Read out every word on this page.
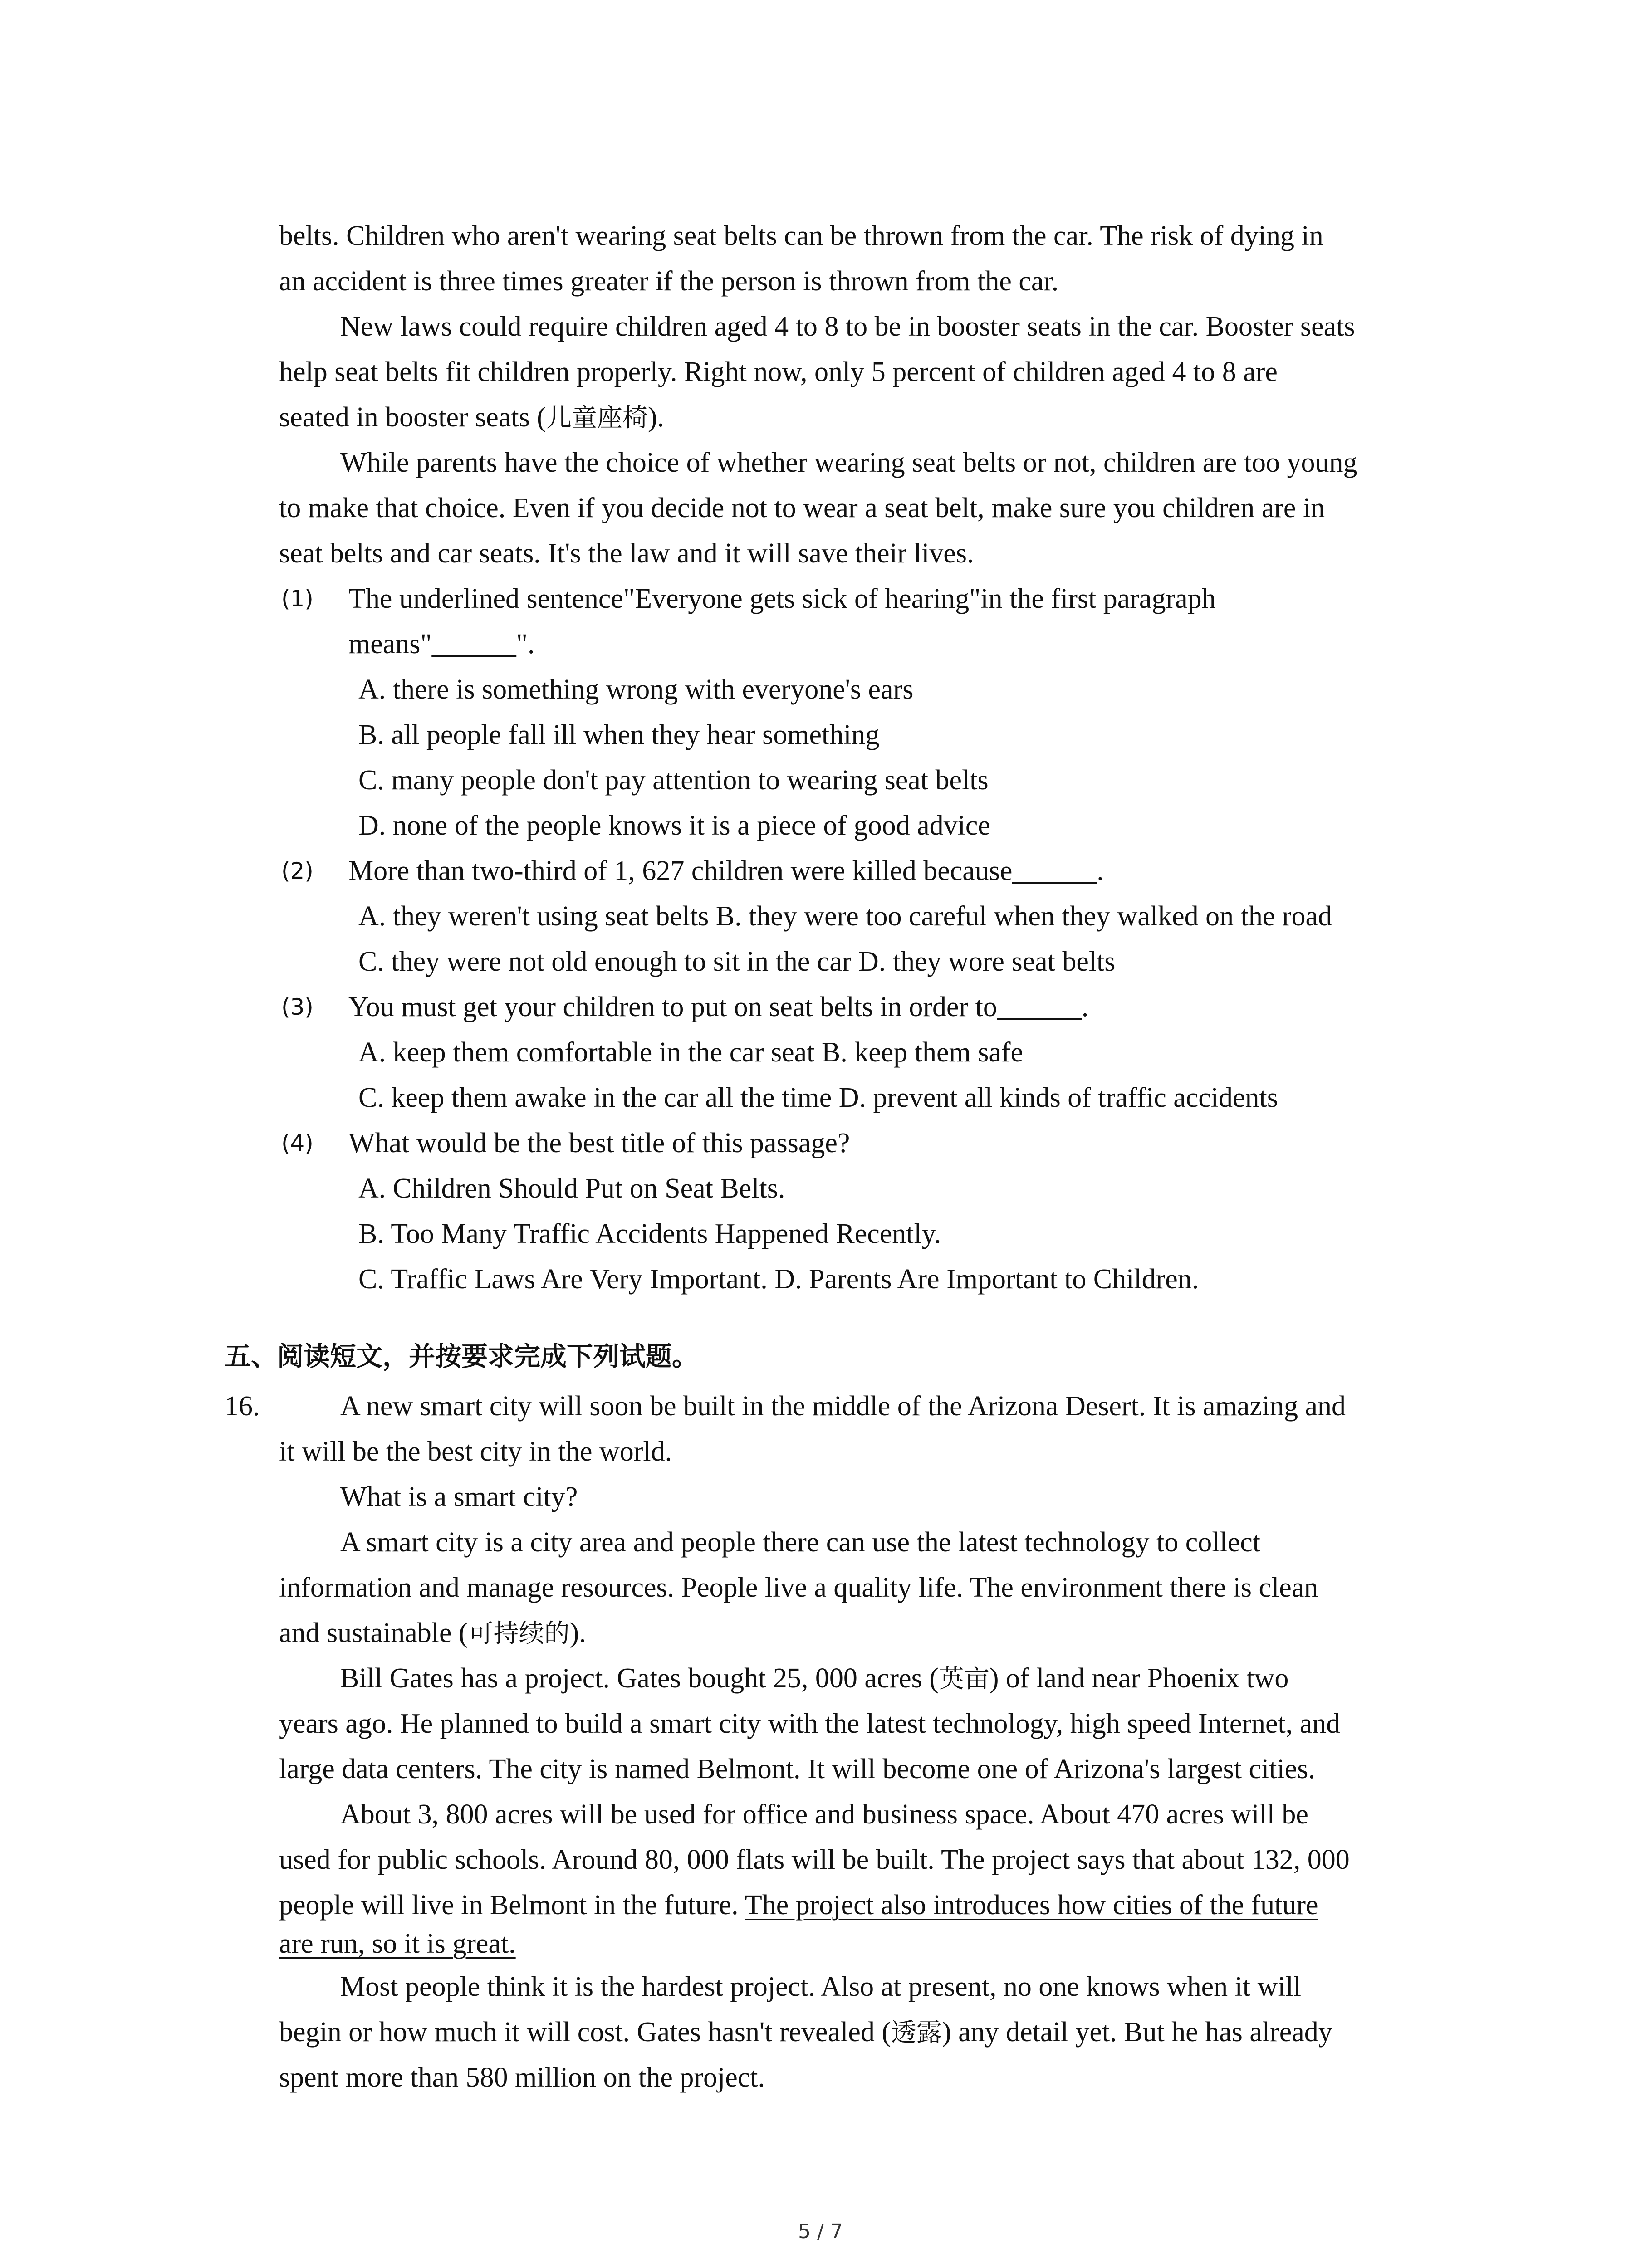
belts. Children who aren't wearing seat belts can be thrown from the car. The risk of dying in
an accident is three times greater if the person is thrown from the car.
New laws could require children aged 4 to 8 to be in booster seats in the car. Booster seats
help seat belts fit children properly. Right now, only 5 percent of children aged 4 to 8 are
seated in booster seats (儿童座椅).
While parents have the choice of whether wearing seat belts or not, children are too young
to make that choice. Even if you decide not to wear a seat belt, make sure you children are in
seat belts and car seats. It's the law and it will save their lives.
(1) The underlined sentence"Everyone gets sick of hearing"in the first paragraph
means"______".
A. there is something wrong with everyone's ears
B. all people fall ill when they hear something
C. many people don't pay attention to wearing seat belts
D. none of the people knows it is a piece of good advice
(2) More than two-third of 1, 627 children were killed because______.
A. they weren't using seat belts B. they were too careful when they walked on the road
C. they were not old enough to sit in the car D. they wore seat belts
(3) You must get your children to put on seat belts in order to______.
A. keep them comfortable in the car seat B. keep them safe
C. keep them awake in the car all the time D. prevent all kinds of traffic accidents
(4) What would be the best title of this passage?
A. Children Should Put on Seat Belts.
B. Too Many Traffic Accidents Happened Recently.
C. Traffic Laws Are Very Important. D. Parents Are Important to Children.
五、阅读短文，并按要求完成下列试题。
16.	A new smart city will soon be built in the middle of the Arizona Desert. It is amazing and
it will be the best city in the world.
What is a smart city?
A smart city is a city area and people there can use the latest technology to collect
information and manage resources. People live a quality life. The environment there is clean
and sustainable (可持续的).
Bill Gates has a project. Gates bought 25, 000 acres (英亩) of land near Phoenix two
years ago. He planned to build a smart city with the latest technology, high speed Internet, and
large data centers. The city is named Belmont. It will become one of Arizona's largest cities.
About 3, 800 acres will be used for office and business space. About 470 acres will be
used for public schools. Around 80, 000 flats will be built. The project says that about 132, 000
people will live in Belmont in the future. The project also introduces how cities of the future
are run, so it is great.
Most people think it is the hardest project. Also at present, no one knows when it will
begin or how much it will cost. Gates hasn't revealed (透露) any detail yet. But he has already
spent more than 580 million on the project.
5 / 7
